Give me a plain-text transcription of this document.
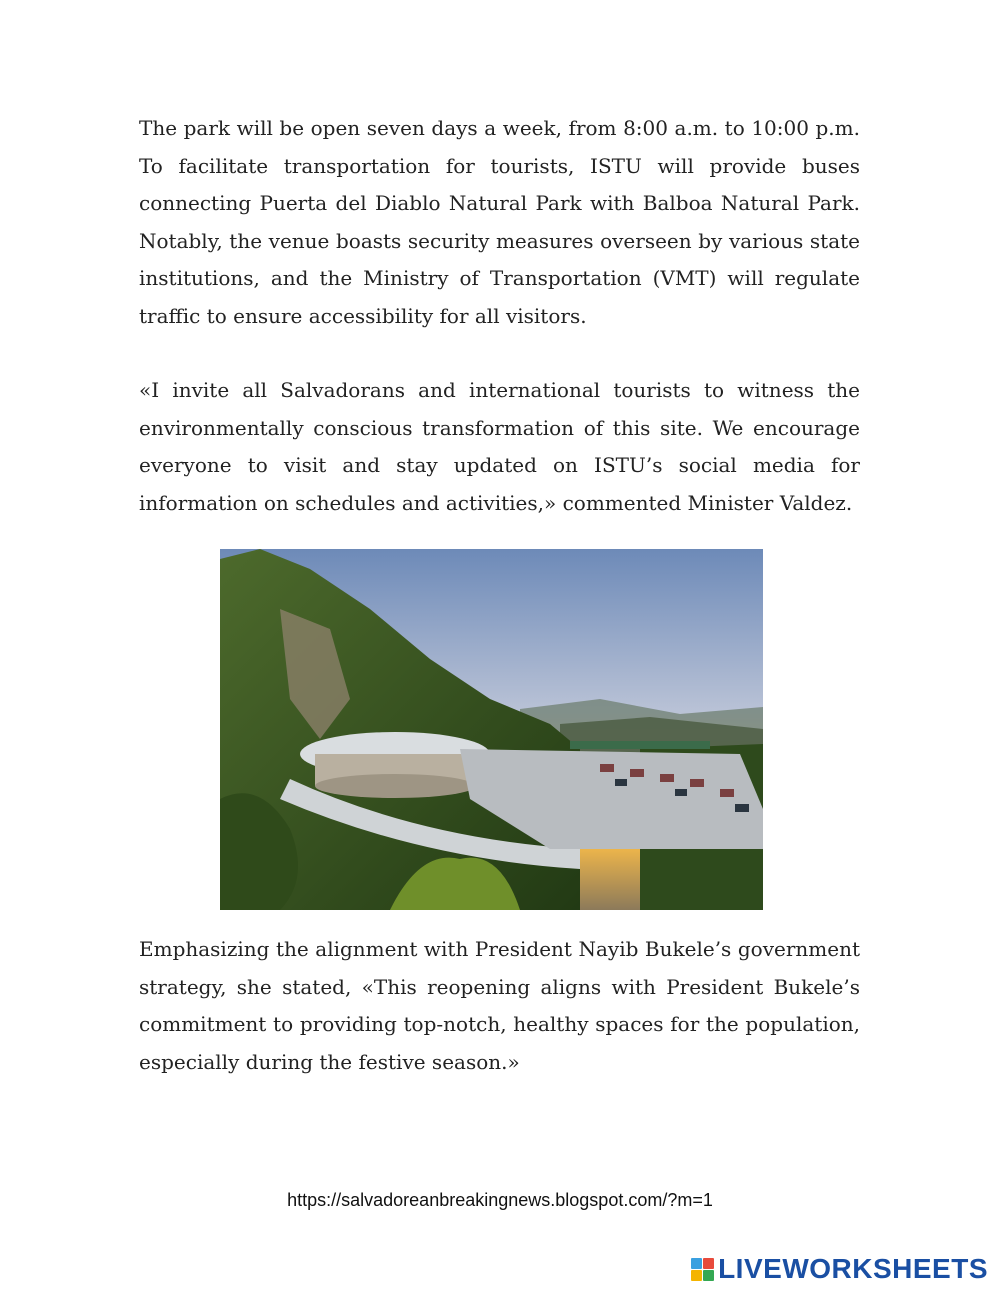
The park will be open seven days a week, from 8:00 a.m. to 10:00 p.m. To facilitate transportation for tourists, ISTU will provide buses connecting Puerta del Diablo Natural Park with Balboa Natural Park. Notably, the venue boasts security measures overseen by various state institutions, and the Ministry of Transportation (VMT) will regulate traffic to ensure accessibility for all visitors.

«I invite all Salvadorans and international tourists to witness the environmentally conscious transformation of this site. We encourage everyone to visit and stay updated on ISTU’s social media for information on schedules and activities,» commented Minister Valdez.

Emphasizing the alignment with President Nayib Bukele’s government strategy, she stated, «This reopening aligns with President Bukele’s commitment to providing top-notch, healthy spaces for the population, especially during the festive season.»

https://salvadoreanbreakingnews.blogspot.com/?m=1
LIVEWORKSHEETS
